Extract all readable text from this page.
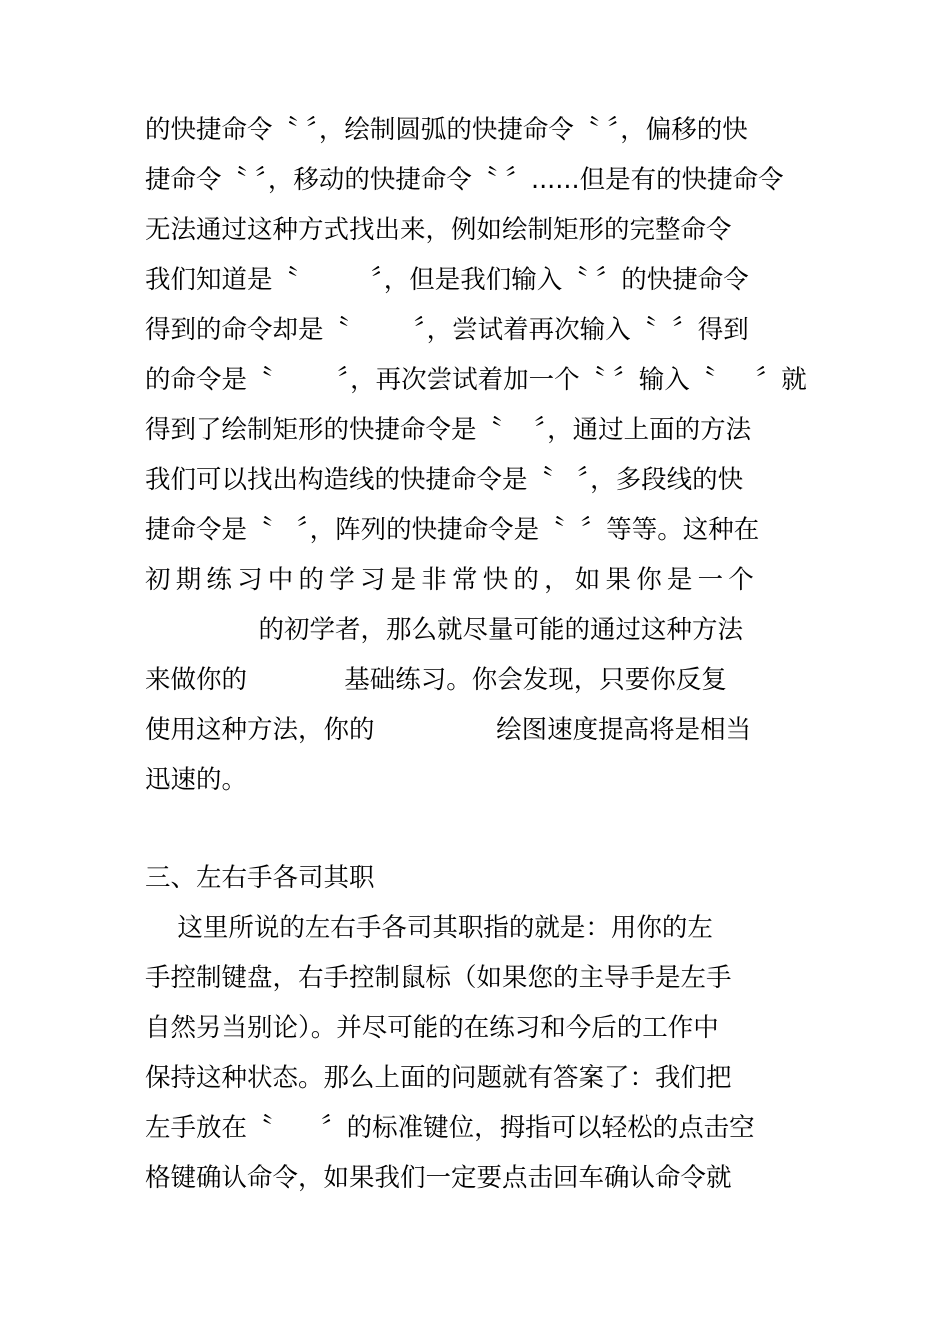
的快捷命令〝 〞，绘制圆弧的快捷命令〝 〞，偏移的快
捷命令〝 〞，移动的快捷命令〝 〞......但是有的快捷命令
无法通过这种方式找出来，例如绘制矩形的完整命令
我们知道是〝         〞，但是我们输入〝 〞的快捷命令
得到的命令却是〝        〞，尝试着再次输入〝  〞得到
的命令是〝        〞，再次尝试着加一个〝 〞输入〝     〞就
得到了绘制矩形的快捷命令是〝    〞，通过上面的方法
我们可以找出构造线的快捷命令是〝   〞，多段线的快
捷命令是〝   〞，阵列的快捷命令是〝  〞等等。这种在
初期练习中的学习是非常快的，如果你是一个
的初学者，那么就尽量可能的通过这种方法
来做你的            基础练习。你会发现，只要你反复
使用这种方法，你的               绘图速度提高将是相当
迅速的。
三、左右手各司其职
这里所说的左右手各司其职指的就是：用你的左
手控制键盘，右手控制鼠标（如果您的主导手是左手
自然另当别论）。并尽可能的在练习和今后的工作中
保持这种状态。那么上面的问题就有答案了：我们把
左手放在〝      〞的标准键位，拇指可以轻松的点击空
格键确认命令，如果我们一定要点击回车确认命令就
